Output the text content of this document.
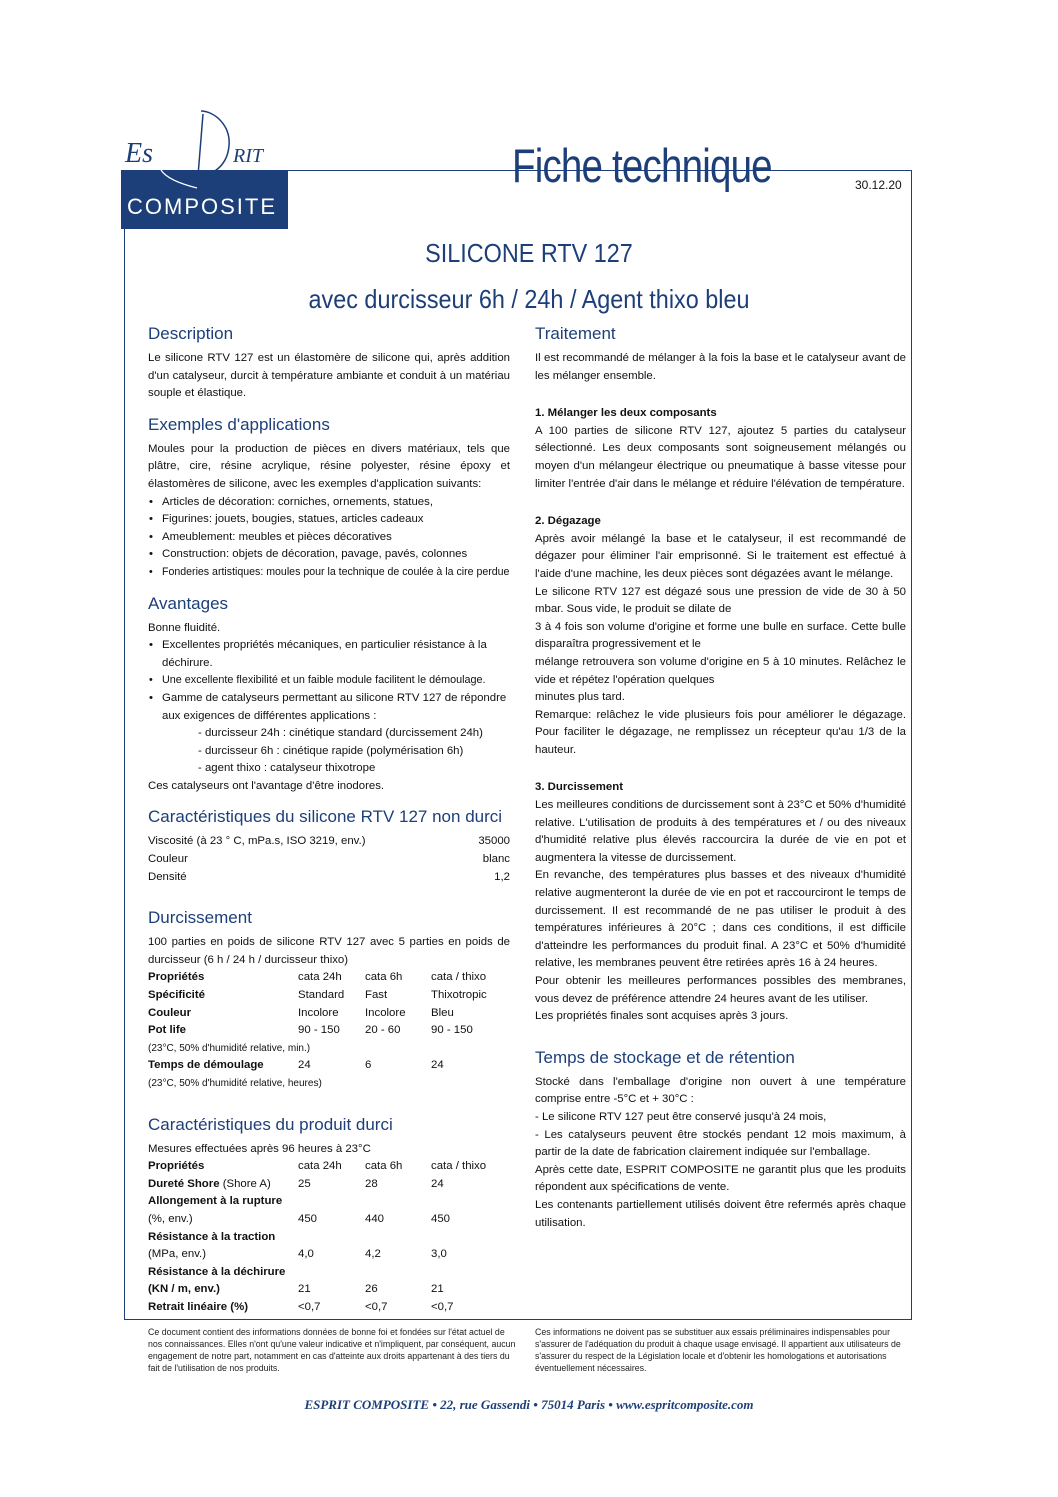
Es	RIT
COMPOSITE
Fiche technique	30.12.20
SILICONE RTV 127
avec durcisseur 6h / 24h / Agent thixo bleu
Description

Le silicone RTV 127 est un élastomère de silicone qui, après addition d'un catalyseur, durcit à température ambiante et conduit à un matériau souple et élastique.

Exemples d'applications

Moules pour la production de pièces en divers matériaux, tels que plâtre, cire, résine acrylique, résine polyester, résine époxy et élastomères de silicone, avec les exemples d'application suivants:

• Articles de décoration: corniches, ornements, statues,
• Figurines: jouets, bougies, statues, articles cadeaux
• Ameublement: meubles et pièces décoratives
• Construction: objets de décoration, pavage, pavés, colonnes
• Fonderies artistiques: moules pour la technique de coulée à la cire perdue
Avantages

Bonne fluidité.

• Excellentes propriétés mécaniques, en particulier résistance à la déchirure.
• Une excellente flexibilité et un faible module facilitent le démoulage.
• Gamme de catalyseurs permettant au silicone RTV 127 de répondre aux exigences de différentes applications :
- durcisseur 24h : cinétique standard (durcissement 24h)
- durcisseur 6h : cinétique rapide (polymérisation 6h)
- agent thixo : catalyseur thixotrope

Ces catalyseurs ont l'avantage d'être inodores.

Caractéristiques du silicone RTV 127 non durci
Viscosité (à 23 ° C, mPa.s, ISO 3219, env.)	35000
Couleur	blanc
Densité	1,2
Durcissement

100 parties en poids de silicone RTV 127 avec 5 parties en poids de durcisseur (6 h / 24 h / durcisseur thixo)

Propriétés	cata 24h	cata 6h	cata / thixo
Spécificité	Standard	Fast	Thixotropic
Couleur	Incolore	Incolore	Bleu
Pot life	90 - 150	20 - 60	90 - 150
(23°C, 50% d'humidité relative, min.)
Temps de démoulage	24	6	24
(23°C, 50% d'humidité relative, heures)
Caractéristiques du produit durci

Mesures effectuées après 96 heures à 23°C

Propriétés	cata 24h	cata 6h	cata / thixo
Dureté Shore (Shore A)	25	28	24
Allongement à la rupture
(%, env.)	450	440	450
Résistance à la traction
(MPa, env.)	4,0	4,2	3,0
Résistance à la déchirure
(KN / m, env.)	21	26	21
Retrait linéaire (%)	<0,7	<0,7	<0,7
Traitement

Il est recommandé de mélanger à la fois la base et le catalyseur avant de les mélanger ensemble.

1. Mélanger les deux composants

A 100 parties de silicone RTV 127, ajoutez 5 parties du catalyseur sélectionné. Les deux composants sont soigneusement mélangés ou moyen d'un mélangeur électrique ou pneumatique à basse vitesse pour limiter l'entrée d'air dans le mélange et réduire l'élévation de température.

2. Dégazage

Après avoir mélangé la base et le catalyseur, il est recommandé de dégazer pour éliminer l'air emprisonné. Si le traitement est effectué à l'aide d'une machine, les deux pièces sont dégazées avant le mélange.

Le silicone RTV 127 est dégazé sous une pression de vide de 30 à 50 mbar. Sous vide, le produit se dilate de

3 à 4 fois son volume d'origine et forme une bulle en surface. Cette bulle disparaîtra progressivement et le

mélange retrouvera son volume d'origine en 5 à 10 minutes. Relâchez le vide et répétez l'opération quelques

minutes plus tard.

Remarque: relâchez le vide plusieurs fois pour améliorer le dégazage. Pour faciliter le dégazage, ne remplissez un récepteur qu'au 1/3 de la hauteur.

3. Durcissement

Les meilleures conditions de durcissement sont à 23°C et 50% d'humidité relative. L'utilisation de produits à des températures et / ou des niveaux d'humidité relative plus élevés raccourcira la durée de vie en pot et augmentera la vitesse de durcissement.

En revanche, des températures plus basses et des niveaux d'humidité relative augmenteront la durée de vie en pot et raccourciront le temps de durcissement. Il est recommandé de ne pas utiliser le produit à des températures inférieures à 20°C ; dans ces conditions, il est difficile d'atteindre les performances du produit final. A 23°C et 50% d'humidité relative, les membranes peuvent être retirées après 16 à 24 heures.

Pour obtenir les meilleures performances possibles des membranes, vous devez de préférence attendre 24 heures avant de les utiliser.

Les propriétés finales sont acquises après 3 jours.

Temps de stockage et de rétention

Stocké dans l'emballage d'origine non ouvert à une température comprise entre -5°C et + 30°C :

- Le silicone RTV 127 peut être conservé jusqu'à 24 mois,

- Les catalyseurs peuvent être stockés pendant 12 mois maximum, à partir de la date de fabrication clairement indiquée sur l'emballage.

Après cette date, ESPRIT COMPOSITE ne garantit plus que les produits répondent aux spécifications de vente.

Les contenants partiellement utilisés doivent être refermés après chaque utilisation.

Ce document contient des informations données de bonne foi et fondées sur l'état actuel de nos connaissances. Elles n'ont qu'une valeur indicative et n'impliquent, par conséquent, aucun engagement de notre part, notamment en cas d'atteinte aux droits appartenant à des tiers du fait de l'utilisation de nos produits.
Ces informations ne doivent pas se substituer aux essais préliminaires indispensables pour s'assurer de l'adéquation du produit à chaque usage envisagé. Il appartient aux utilisateurs de s'assurer du respect de la Législation locale et d'obtenir les homologations et autorisations éventuellement nécessaires.
ESPRIT COMPOSITE • 22, rue Gassendi • 75014 Paris • www.espritcomposite.com
